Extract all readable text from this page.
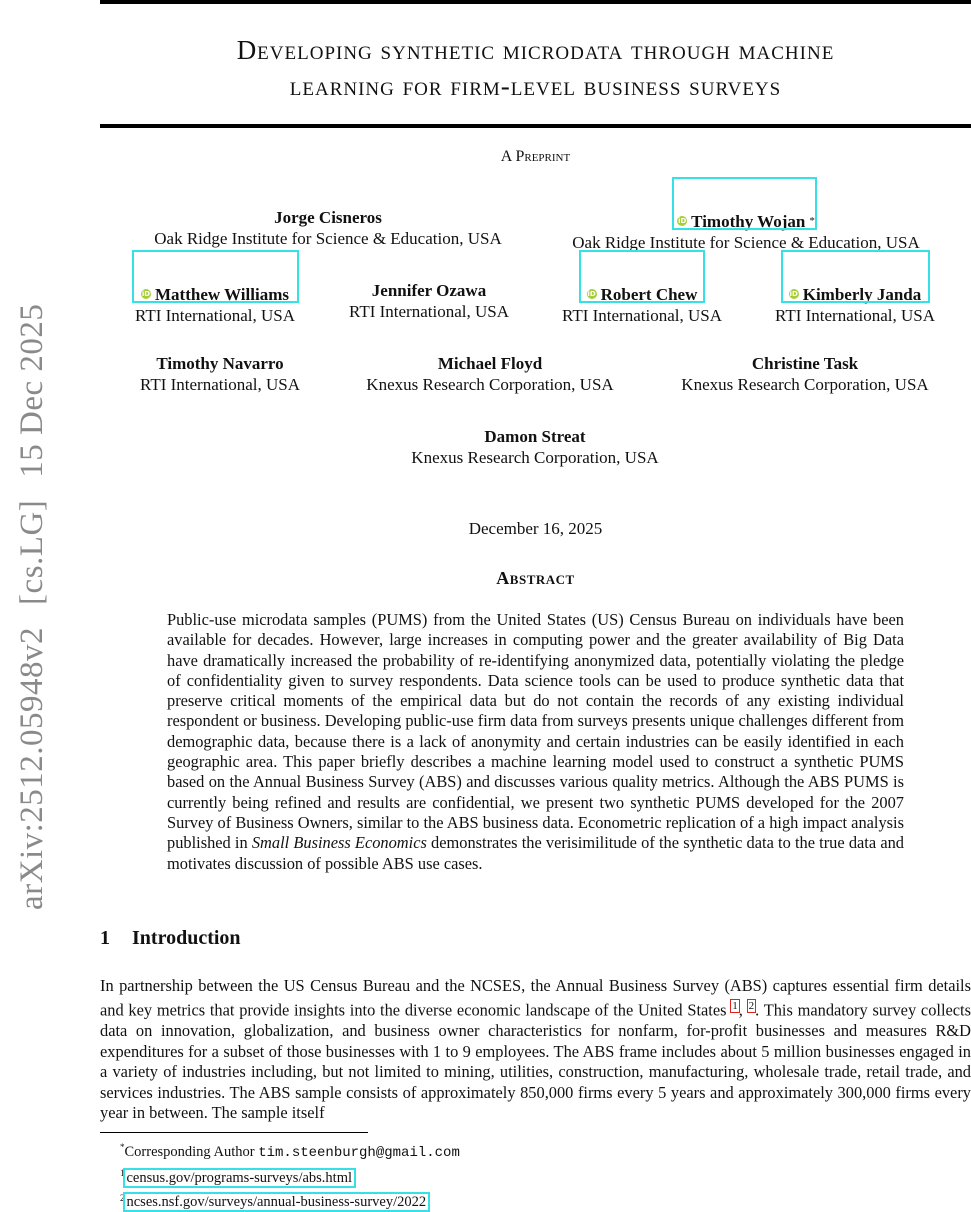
arXiv:2512.05948v2
[cs.LG]
15 Dec 2025
Developing synthetic microdata through machine
learning for firm-level business surveys
A Preprint
Jorge Cisneros
Oak Ridge Institute for Science & Education, USA
iD Timothy Wojan *
Oak Ridge Institute for Science & Education, USA
iD Matthew Williams
RTI International, USA
Jennifer Ozawa
RTI International, USA
iD Robert Chew
RTI International, USA
iD Kimberly Janda
RTI International, USA
Timothy Navarro
RTI International, USA
Michael Floyd
Knexus Research Corporation, USA
Christine Task
Knexus Research Corporation, USA
Damon Streat
Knexus Research Corporation, USA
December 16, 2025
Abstract
Public-use microdata samples (PUMS) from the United States (US) Census Bureau on individuals have been available for decades. However, large increases in computing power and the greater availability of Big Data have dramatically increased the probability of re-identifying anonymized data, potentially violating the pledge of confidentiality given to survey respondents. Data science tools can be used to produce synthetic data that preserve critical moments of the empirical data but do not contain the records of any existing individual respondent or business. Developing public-use firm data from surveys presents unique challenges different from demographic data, because there is a lack of anonymity and certain industries can be easily identified in each geographic area. This paper briefly describes a machine learning model used to construct a synthetic PUMS based on the Annual Business Survey (ABS) and discusses various quality metrics. Although the ABS PUMS is currently being refined and results are confidential, we present two synthetic PUMS developed for the 2007 Survey of Business Owners, similar to the ABS business data. Econometric replication of a high impact analysis published in Small Business Economics demonstrates the verisimilitude of the synthetic data to the true data and motivates discussion of possible ABS use cases.
1 Introduction
In partnership between the US Census Bureau and the NCSES, the Annual Business Survey (ABS) captures essential firm details and key metrics that provide insights into the diverse economic landscape of the United States $^1$, $^2$. This mandatory survey collects data on innovation, globalization, and business owner characteristics for nonfarm, for-profit businesses and measures R&D expenditures for a subset of those businesses with 1 to 9 employees. The ABS frame includes about 5 million businesses engaged in a variety of industries including, but not limited to mining, utilities, construction, manufacturing, wholesale trade, retail trade, and services industries. The ABS sample consists of approximately 850,000 firms every 5 years and approximately 300,000 firms every year in between. The sample itself
*Corresponding Author tim.steenburgh@gmail.com
$^1$ census.gov/programs-surveys/abs.html
$^2$ ncses.nsf.gov/surveys/annual-business-survey/2022
